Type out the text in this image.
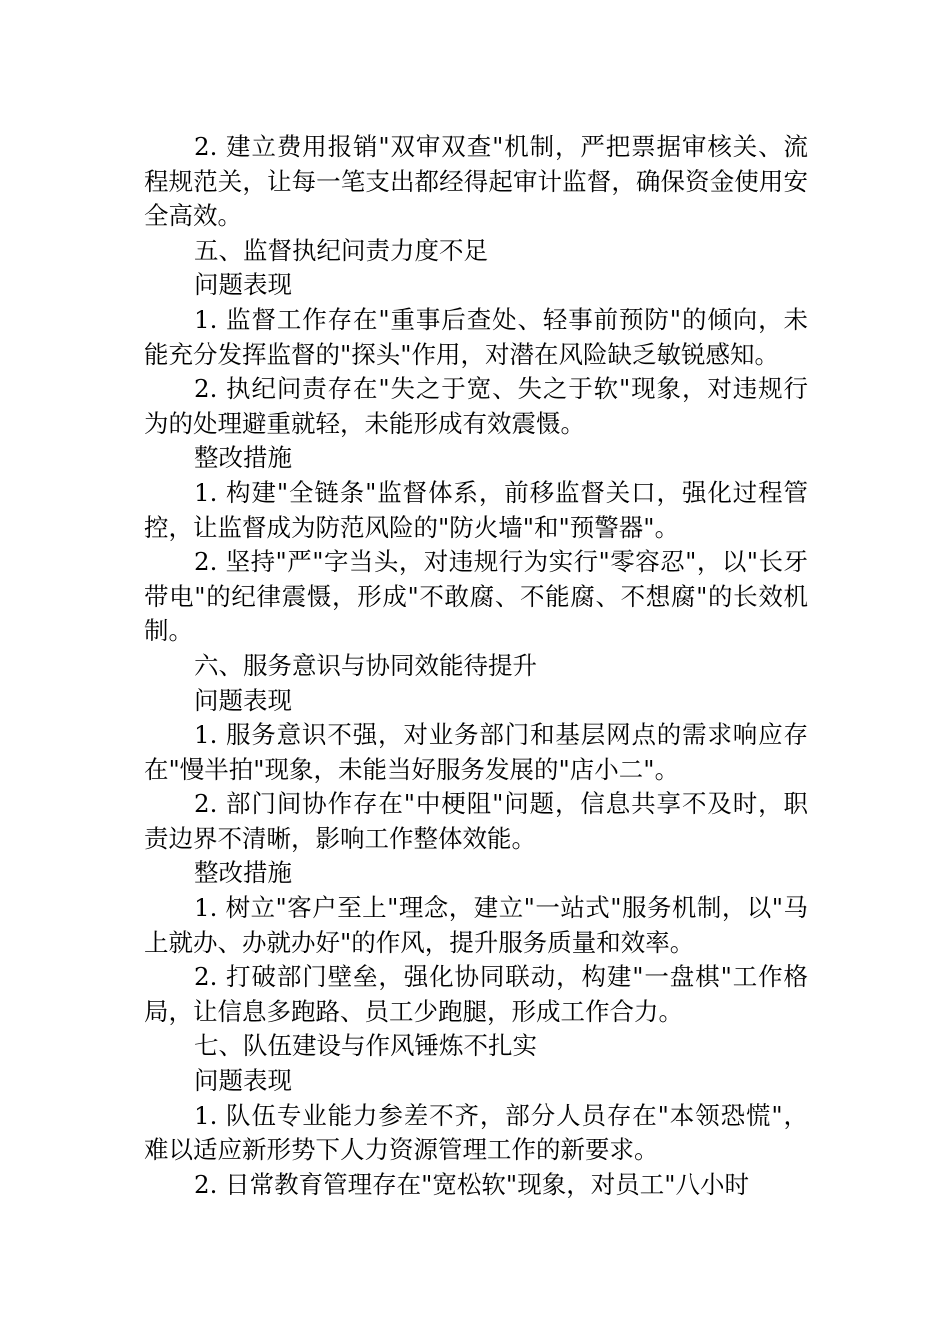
2. 建立费用报销"双审双查"机制，严把票据审核关、流程规范关，让每一笔支出都经得起审计监督，确保资金使用安全高效。

五、监督执纪问责力度不足

问题表现

1. 监督工作存在"重事后查处、轻事前预防"的倾向，未能充分发挥监督的"探头"作用，对潜在风险缺乏敏锐感知。

2. 执纪问责存在"失之于宽、失之于软"现象，对违规行为的处理避重就轻，未能形成有效震慑。

整改措施

1. 构建"全链条"监督体系，前移监督关口，强化过程管控，让监督成为防范风险的"防火墙"和"预警器"。

2. 坚持"严"字当头，对违规行为实行"零容忍"，以"长牙带电"的纪律震慑，形成"不敢腐、不能腐、不想腐"的长效机制。

六、服务意识与协同效能待提升

问题表现

1. 服务意识不强，对业务部门和基层网点的需求响应存在"慢半拍"现象，未能当好服务发展的"店小二"。

2. 部门间协作存在"中梗阻"问题，信息共享不及时，职责边界不清晰，影响工作整体效能。

整改措施

1. 树立"客户至上"理念，建立"一站式"服务机制，以"马上就办、办就办好"的作风，提升服务质量和效率。

2. 打破部门壁垒，强化协同联动，构建"一盘棋"工作格局，让信息多跑路、员工少跑腿，形成工作合力。

七、队伍建设与作风锤炼不扎实

问题表现

1. 队伍专业能力参差不齐，部分人员存在"本领恐慌"，难以适应新形势下人力资源管理工作的新要求。

2. 日常教育管理存在"宽松软"现象，对员工"八小时
